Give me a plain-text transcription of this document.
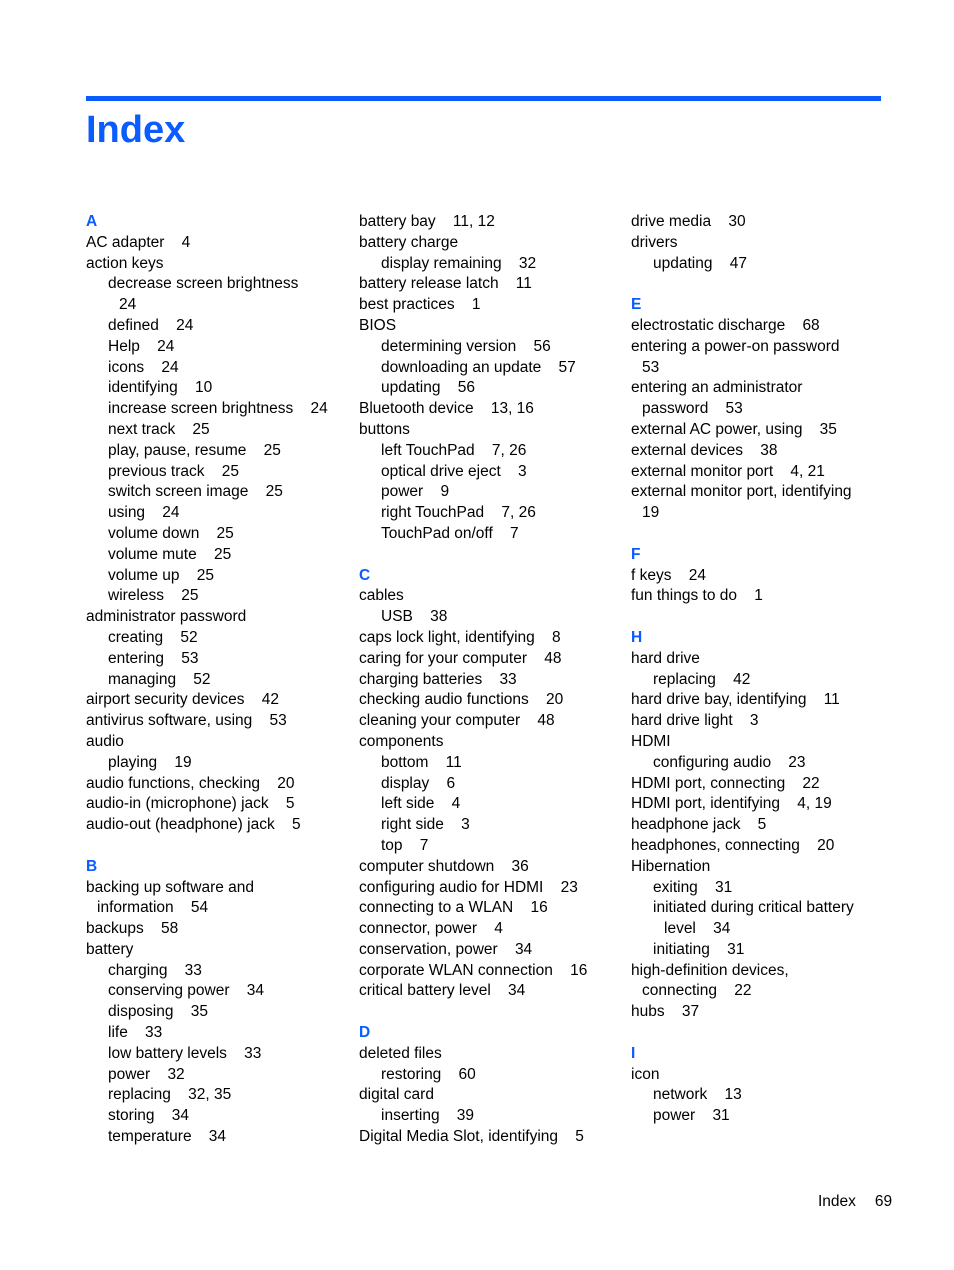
Index
A
AC adapter    4
action keys
decrease screen brightness
24
defined    24
Help    24
icons    24
identifying    10
increase screen brightness    24
next track    25
play, pause, resume    25
previous track    25
switch screen image    25
using    24
volume down    25
volume mute    25
volume up    25
wireless    25
administrator password
creating    52
entering    53
managing    52
airport security devices    42
antivirus software, using    53
audio
playing    19
audio functions, checking    20
audio-in (microphone) jack    5
audio-out (headphone) jack    5
B
backing up software and
information    54
backups    58
battery
charging    33
conserving power    34
disposing    35
life    33
low battery levels    33
power    32
replacing    32, 35
storing    34
temperature    34
battery bay    11, 12
battery charge
display remaining    32
battery release latch    11
best practices    1
BIOS
determining version    56
downloading an update    57
updating    56
Bluetooth device    13, 16
buttons
left TouchPad    7, 26
optical drive eject    3
power    9
right TouchPad    7, 26
TouchPad on/off    7
C
cables
USB    38
caps lock light, identifying    8
caring for your computer    48
charging batteries    33
checking audio functions    20
cleaning your computer    48
components
bottom    11
display    6
left side    4
right side    3
top    7
computer shutdown    36
configuring audio for HDMI    23
connecting to a WLAN    16
connector, power    4
conservation, power    34
corporate WLAN connection    16
critical battery level    34
D
deleted files
restoring    60
digital card
inserting    39
Digital Media Slot, identifying    5
drive media    30
drivers
updating    47
E
electrostatic discharge    68
entering a power-on password
53
entering an administrator
password    53
external AC power, using    35
external devices    38
external monitor port    4, 21
external monitor port, identifying
19
F
f keys    24
fun things to do    1
H
hard drive
replacing    42
hard drive bay, identifying    11
hard drive light    3
HDMI
configuring audio    23
HDMI port, connecting    22
HDMI port, identifying    4, 19
headphone jack    5
headphones, connecting    20
Hibernation
exiting    31
initiated during critical battery
level    34
initiating    31
high-definition devices,
connecting    22
hubs    37
I
icon
network    13
power    31
Index 69
